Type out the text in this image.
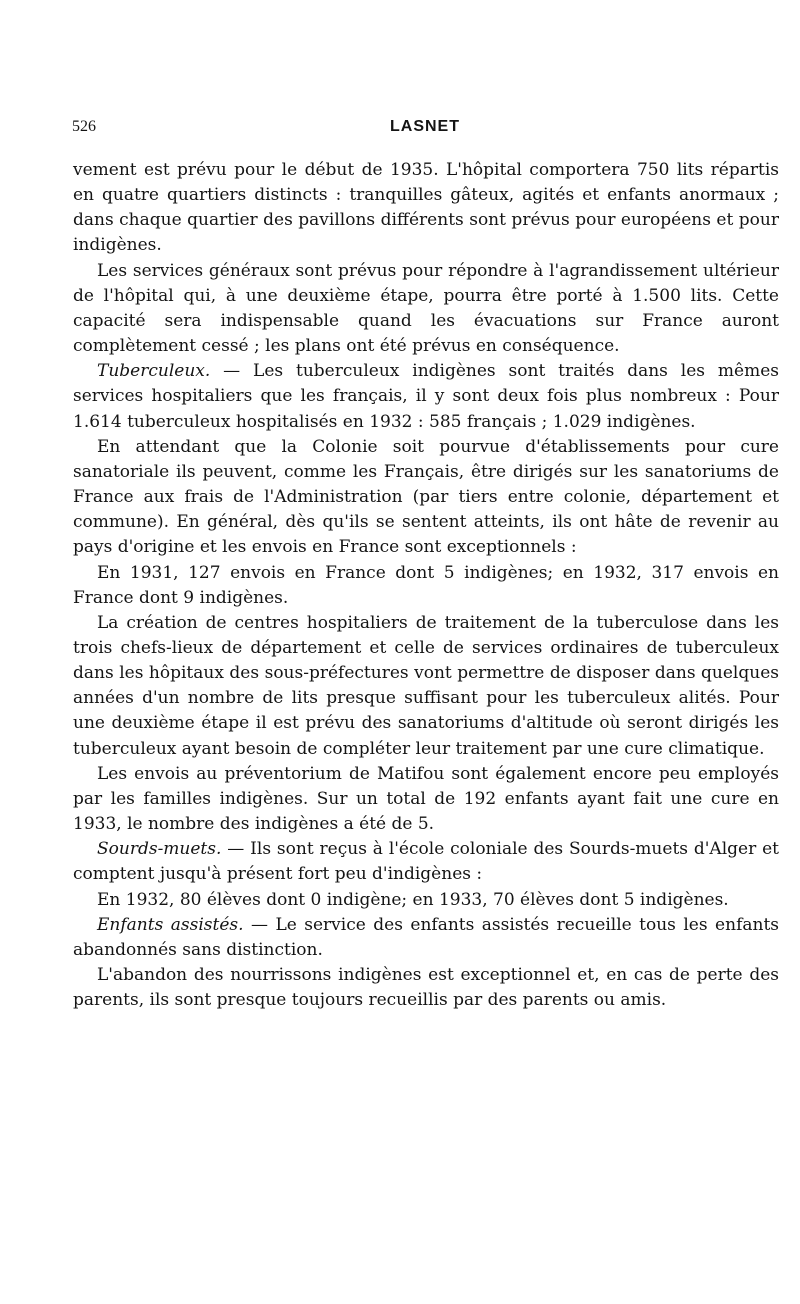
526	LASNET

vement est prévu pour le début de 1935. L'hôpital comportera 750 lits répartis en quatre quartiers distincts : tranquilles gâteux, agités et enfants anormaux ; dans chaque quartier des pavillons différents sont prévus pour européens et pour indigènes.

Les services généraux sont prévus pour répondre à l'agrandissement ultérieur de l'hôpital qui, à une deuxième étape, pourra être porté à 1.500 lits. Cette capacité sera indispensable quand les évacuations sur France auront complètement cessé ; les plans ont été prévus en conséquence.

Tuberculeux. — Les tuberculeux indigènes sont traités dans les mêmes services hospitaliers que les français, il y sont deux fois plus nombreux : Pour 1.614 tuberculeux hospitalisés en 1932 : 585 français ; 1.029 indigènes.

En attendant que la Colonie soit pourvue d'établissements pour cure sanatoriale ils peuvent, comme les Français, être dirigés sur les sanatoriums de France aux frais de l'Administration (par tiers entre colonie, département et commune). En général, dès qu'ils se sentent atteints, ils ont hâte de revenir au pays d'origine et les envois en France sont exceptionnels :

En 1931, 127 envois en France dont 5 indigènes; en 1932, 317 envois en France dont 9 indigènes.

La création de centres hospitaliers de traitement de la tuberculose dans les trois chefs-lieux de département et celle de services ordinaires de tuberculeux dans les hôpitaux des sous-préfectures vont permettre de disposer dans quelques années d'un nombre de lits presque suffisant pour les tuberculeux alités. Pour une deuxième étape il est prévu des sanatoriums d'altitude où seront dirigés les tuberculeux ayant besoin de compléter leur traitement par une cure climatique.

Les envois au préventorium de Matifou sont également encore peu employés par les familles indigènes. Sur un total de 192 enfants ayant fait une cure en 1933, le nombre des indigènes a été de 5.

Sourds-muets. — Ils sont reçus à l'école coloniale des Sourds-muets d'Alger et comptent jusqu'à présent fort peu d'indigènes :

En 1932, 80 élèves dont 0 indigène; en 1933, 70 élèves dont 5 indigènes.

Enfants assistés. — Le service des enfants assistés recueille tous les enfants abandonnés sans distinction.

L'abandon des nourrissons indigènes est exceptionnel et, en cas de perte des parents, ils sont presque toujours recueillis par des parents ou amis.
